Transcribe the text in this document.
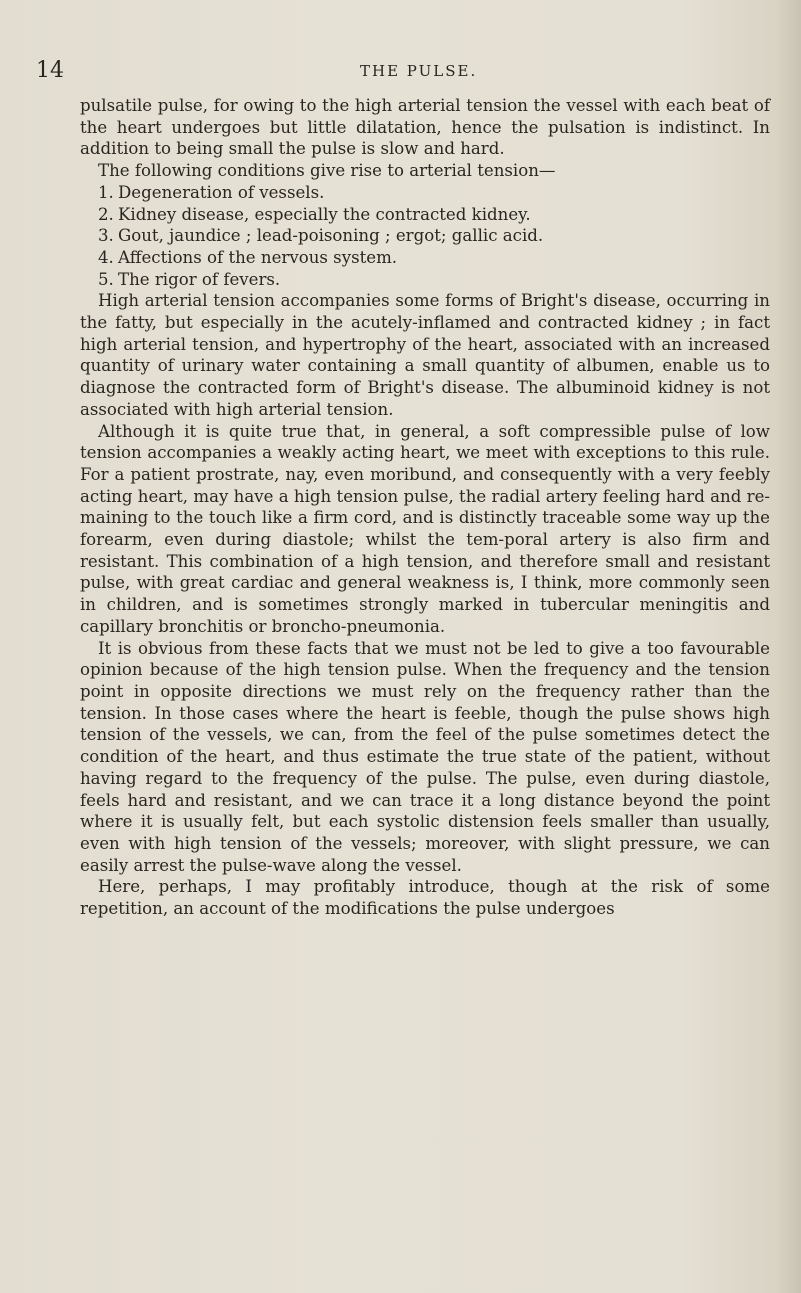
14	THE PULSE.

pulsatile pulse, for owing to the high arterial tension the vessel with each beat of the heart undergoes but little dilatation, hence the pulsation is indistinct. In addition to being small the pulse is slow and hard.

The following conditions give rise to arterial tension—

1. Degeneration of vessels.
2. Kidney disease, especially the contracted kidney.
3. Gout, jaundice ; lead-poisoning ; ergot; gallic acid.
4. Affections of the nervous system.
5. The rigor of fevers.

High arterial tension accompanies some forms of Bright's disease, occurring in the fatty, but especially in the acutely-inflamed and contracted kidney ; in fact high arterial tension, and hypertrophy of the heart, associated with an increased quantity of urinary water containing a small quantity of albumen, enable us to diagnose the contracted form of Bright's disease. The albuminoid kidney is not associated with high arterial tension.

Although it is quite true that, in general, a soft compressible pulse of low tension accompanies a weakly acting heart, we meet with exceptions to this rule. For a patient prostrate, nay, even moribund, and consequently with a very feebly acting heart, may have a high tension pulse, the radial artery feeling hard and re-maining to the touch like a firm cord, and is distinctly traceable some way up the forearm, even during diastole; whilst the tem-poral artery is also firm and resistant. This combination of a high tension, and therefore small and resistant pulse, with great cardiac and general weakness is, I think, more commonly seen in children, and is sometimes strongly marked in tubercular meningitis and capillary bronchitis or broncho-pneumonia.

It is obvious from these facts that we must not be led to give a too favourable opinion because of the high tension pulse. When the frequency and the tension point in opposite directions we must rely on the frequency rather than the tension. In those cases where the heart is feeble, though the pulse shows high tension of the vessels, we can, from the feel of the pulse sometimes detect the condition of the heart, and thus estimate the true state of the patient, without having regard to the frequency of the pulse. The pulse, even during diastole, feels hard and resistant, and we can trace it a long distance beyond the point where it is usually felt, but each systolic distension feels smaller than usually, even with high tension of the vessels; moreover, with slight pressure, we can easily arrest the pulse-wave along the vessel.

Here, perhaps, I may profitably introduce, though at the risk of some repetition, an account of the modifications the pulse undergoes
